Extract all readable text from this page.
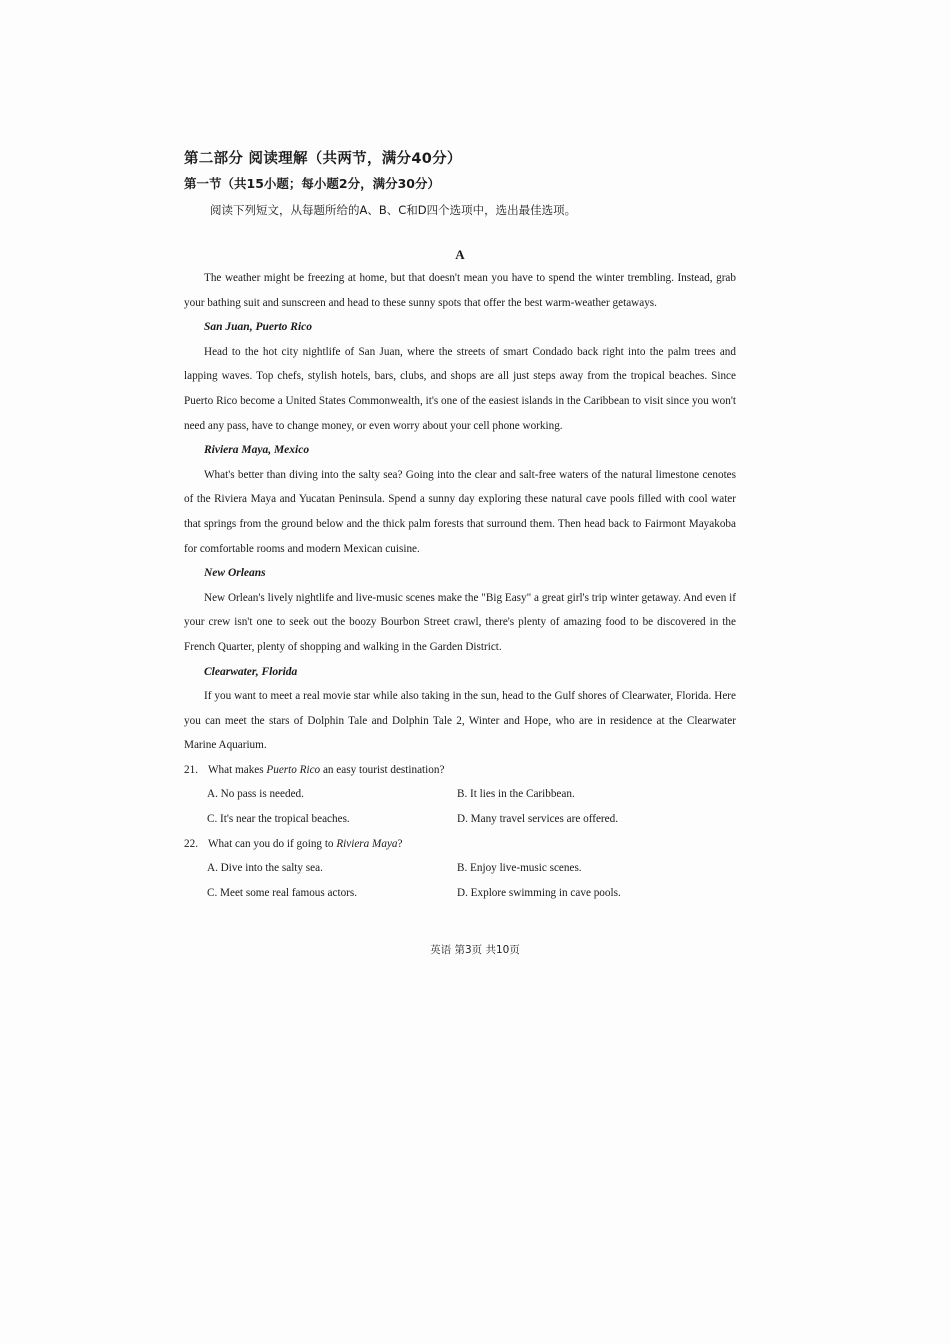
第二部分 阅读理解（共两节，满分40分）
第一节（共15小题；每小题2分，满分30分）
阅读下列短文，从每题所给的A、B、C和D四个选项中，选出最佳选项。
A

The weather might be freezing at home, but that doesn't mean you have to spend the winter trembling. Instead, grab your bathing suit and sunscreen and head to these sunny spots that offer the best warm-weather getaways.

San Juan, Puerto Rico

Head to the hot city nightlife of San Juan, where the streets of smart Condado back right into the palm trees and lapping waves. Top chefs, stylish hotels, bars, clubs, and shops are all just steps away from the tropical beaches. Since Puerto Rico become a United States Commonwealth, it's one of the easiest islands in the Caribbean to visit since you won't need any pass, have to change money, or even worry about your cell phone working.

Riviera Maya, Mexico

What's better than diving into the salty sea? Going into the clear and salt-free waters of the natural limestone cenotes of the Riviera Maya and Yucatan Peninsula. Spend a sunny day exploring these natural cave pools filled with cool water that springs from the ground below and the thick palm forests that surround them. Then head back to Fairmont Mayakoba for comfortable rooms and modern Mexican cuisine.

New Orleans

New Orlean's lively nightlife and live-music scenes make the "Big Easy" a great girl's trip winter getaway. And even if your crew isn't one to seek out the boozy Bourbon Street crawl, there's plenty of amazing food to be discovered in the French Quarter, plenty of shopping and walking in the Garden District.

Clearwater, Florida

If you want to meet a real movie star while also taking in the sun, head to the Gulf shores of Clearwater, Florida. Here you can meet the stars of Dolphin Tale and Dolphin Tale 2, Winter and Hope, who are in residence at the Clearwater Marine Aquarium.

21. What makes Puerto Rico an easy tourist destination?
A. No pass is needed.	B. It lies in the Caribbean.
C. It's near the tropical beaches.	D. Many travel services are offered.
22. What can you do if going to Riviera Maya?
A. Dive into the salty sea.	B. Enjoy live-music scenes.
C. Meet some real famous actors.	D. Explore swimming in cave pools.
英语 第3页 共10页
